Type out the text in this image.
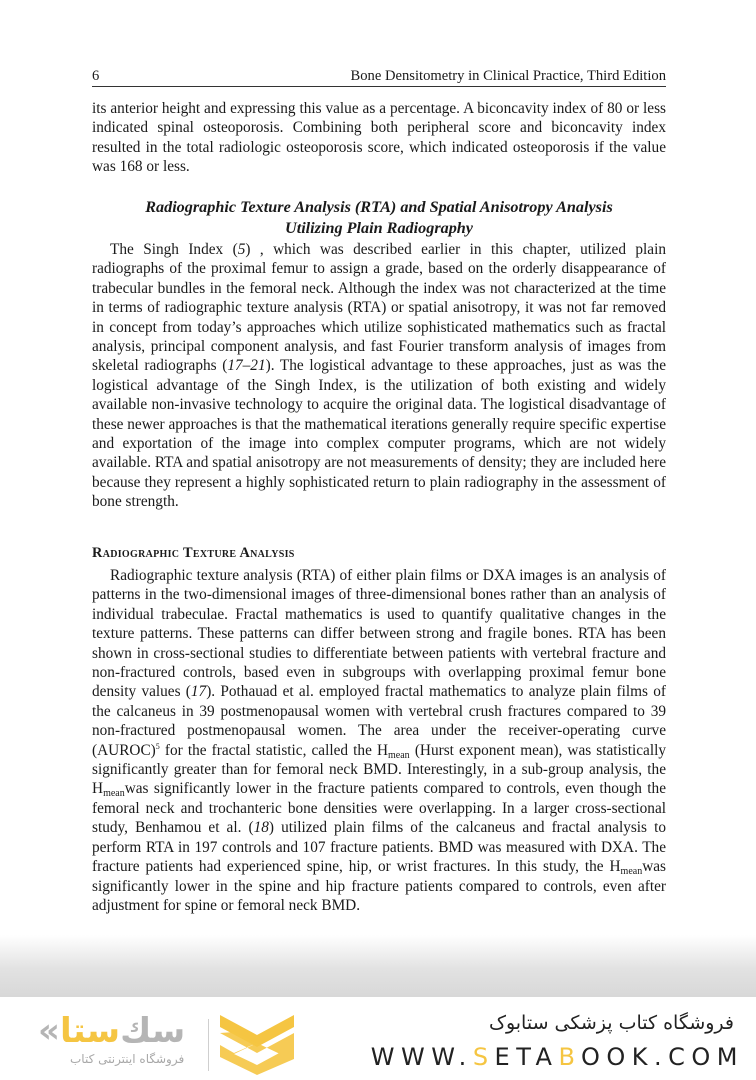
6	Bone Densitometry in Clinical Practice, Third Edition

its anterior height and expressing this value as a percentage. A biconcavity index of 80 or less indicated spinal osteoporosis. Combining both peripheral score and biconcavity index resulted in the total radiologic osteoporosis score, which indicated osteoporosis if the value was 168 or less.

Radiographic Texture Analysis (RTA) and Spatial Anisotropy Analysis
Utilizing Plain Radiography

The Singh Index (5) , which was described earlier in this chapter, utilized plain radiographs of the proximal femur to assign a grade, based on the orderly disappearance of trabecular bundles in the femoral neck. Although the index was not characterized at the time in terms of radiographic texture analysis (RTA) or spatial anisotropy, it was not far removed in concept from today’s approaches which utilize sophisticated mathematics such as fractal analysis, principal component analysis, and fast Fourier transform analysis of images from skeletal radiographs (17–21). The logistical advantage to these approaches, just as was the logistical advantage of the Singh Index, is the utilization of both existing and widely available non-invasive technology to acquire the original data. The logistical disadvantage of these newer approaches is that the mathematical iterations generally require specific expertise and exportation of the image into complex computer programs, which are not widely available. RTA and spatial anisotropy are not measurements of density; they are included here because they represent a highly sophisticated return to plain radiography in the assessment of bone strength.

Radiographic Texture Analysis

Radiographic texture analysis (RTA) of either plain films or DXA images is an analysis of patterns in the two-dimensional images of three-dimensional bones rather than an analysis of individual trabeculae. Fractal mathematics is used to quantify qualitative changes in the texture patterns. These patterns can differ between strong and fragile bones. RTA has been shown in cross-sectional studies to differentiate between patients with vertebral fracture and non-fractured controls, based even in subgroups with overlapping proximal femur bone density values (17). Pothauad et al. employed fractal mathematics to analyze plain films of the calcaneus in 39 postmenopausal women with vertebral crush fractures compared to 39 non-fractured postmenopausal women. The area under the receiver-operating curve (AUROC)$^5$ for the fractal statistic, called the $H_{mean}$ (Hurst exponent mean), was statistically significantly greater than for femoral neck BMD. Interestingly, in a sub-group analysis, the $H_{mean}was$ significantly lower in the fracture patients compared to controls, even though the femoral neck and trochanteric bone densities were overlapping. In a larger cross-sectional study, Benhamou et al. (18) utilized plain films of the calcaneus and fractal analysis to perform RTA in 197 controls and 107 fracture patients. BMD was measured with DXA. The fracture patients had experienced spine, hip, or wrist fractures. In this study, the $H_{mean}was$ significantly lower in the spine and hip fracture patients compared to controls, even after adjustment for spine or femoral neck BMD.

«ﺳﻚﺳﺘﺎ
فروشگاه اینترنتی کتاب
فروشگاه کتاب پزشکی ستابوک
WWW.SETABOOK.COM
